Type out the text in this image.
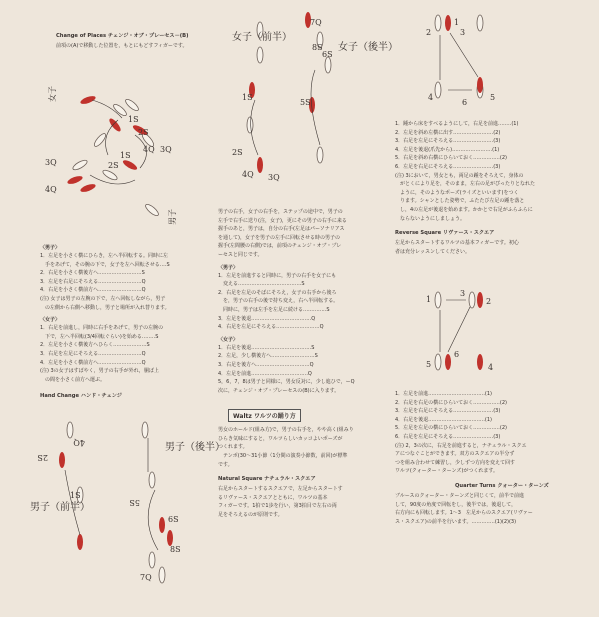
Change of Places チェンジ・オブ・プレーセス－(B)
前項の(A)で移動した位置を，もとにもどすフィガーです。
女子
男子
3Q
4Q
2S
1S
3Q
4Q
2S
1S
〈男子〉
1．左足を小さく横にひらき，左へ半回転する。同時に左
　手をあげて，その腕の下で，女子を左へ回転させる‥‥S
2．右足を小さく横後方へ‥‥‥‥‥‥‥‥‥‥‥‥‥S
3．左足を右足にそろえる‥‥‥‥‥‥‥‥‥‥‥‥‥Q
4．右足を小さく横前方へ‥‥‥‥‥‥‥‥‥‥‥‥‥Q
(注) 女子は男子の左腕の下で，左へ回転しながら，男子
　の左側から右側へ移動し，男子と場所が入れ替ります。
〈女子〉
1．右足を前進し，同時に右手をあげて，男子の左腕の
　下で，左へ半回転(3/4回転ぐらい)を始める‥‥‥‥S
2．左足を小さく横後方へひらく‥‥‥‥‥‥‥‥‥‥S
3．右足を左足にそろえる‥‥‥‥‥‥‥‥‥‥‥‥‥Q
4．左足を小さく横前方へ‥‥‥‥‥‥‥‥‥‥‥‥‥Q
(注) 3の女子はすばやく，男子の右手が外れ，胴ば上
　の間を小さく前方へ運ぶ。
Hand Change ハンド・チェンジ
4Q
2S
1S
5S
6S
8S
7Q
男子（前半）
男子（後半）
女子（前半）
女子（後半）
1S
2S
3Q
4Q
5S
6S
7Q
8S
男子の右手，女子の右手を，ステップの途中で，男子の
左手で右手に送り(注，女子)，更にその男子の右手に来る
握手のあと，男子は，自分の右手(左足はパーソナリアス
を通して)，女子を男子の左手に回転させる時の男子の
握手(左間腰の右側)では，前項のチェンジ・オブ・プレ
ーセスと同じです。
〈男子〉
1．左足を前進すると同時に，男子の右手を女子にも
　変える‥‥‥‥‥‥‥‥‥‥‥‥‥‥‥‥‥‥‥S
2．右足を左足のそばにそろえ，女子の右手から後ろ
　を，男子の右手の後で持ち変え，右へ半回転する。
　同時に，男子は左手を左足に続ける‥‥‥‥‥‥‥S
3．左足を後退‥‥‥‥‥‥‥‥‥‥‥‥‥‥‥‥‥‥Q
4．右足を左足にそろえる‥‥‥‥‥‥‥‥‥‥‥‥‥Q
〈女子〉
1．右足を後退‥‥‥‥‥‥‥‥‥‥‥‥‥‥‥‥‥‥S
2．左足，少し横後方へ‥‥‥‥‥‥‥‥‥‥‥‥‥S
3．右足を後方へ‥‥‥‥‥‥‥‥‥‥‥‥‥‥‥‥Q
4．左足を前進‥‥‥‥‥‥‥‥‥‥‥‥‥‥‥‥‥Q
5，6，7，8は男子と同様に，男女反対に，少し進ひで，ーQ
次に，チェンジ・オブ・プレーセスの(B)に入ります。
Waltz ワルツの踊り方
男女のホールド(組み方)で，男子の右手を，やや高く(組みり
ひらき気味にすると，ワルツらしいカッコよいポーズが
つくれます。
　テンポ(30～31小節（1分間の演奏小節数，前回)が標準
です。
Natural Square ナチュラル・スクエア
右足からスタートするスクエアで，左足からスタートす
るリヴァース・スクエアとともに，ワルツの基本
フィガーです。1拍で1歩を行い，第3拍目で左右の両
足をそろえるのが原則です。
2	3
1
4
6
5
1．踵から床をすべるようにして，右足を前進‥‥‥‥(1)
2．左足を斜め左横に出す‥‥‥‥‥‥‥‥‥‥‥‥(2)
3．右足を左足にそろえる‥‥‥‥‥‥‥‥‥‥‥‥(3)
4．左足を後退(爪先から)‥‥‥‥‥‥‥‥‥‥‥‥(1)
5．右足を斜め右横にひらいておく‥‥‥‥‥‥‥‥(2)
6．左足を右足にそろえる‥‥‥‥‥‥‥‥‥‥‥‥(3)
(注) 3において，男女とも，両足の踵をそろえて，身体の
　がとくにより足を，そのまま，左右の足がぴったりとなれた
　ように，そのようなポーズ(ライズといいます)をつく
　ります。シャンとした姿勢で，ふたたび左足の踵を落と
　し，4の左足が後退を始めます。かかとで右足がふらふらに
　ならないようにしましょう。
Reverse Square リヴァース・スクエア
左足からスタートするワルツの基本フィガーです。初心
者は充分レッスンしてください。
1	2
3
4
5
6
1．左足を前進‥‥‥‥‥‥‥‥‥‥‥‥‥‥‥‥‥(1)
2．右足を右足の横にひらいておく‥‥‥‥‥‥‥‥(2)
3．左足を右足にそろえる‥‥‥‥‥‥‥‥‥‥‥‥(3)
4．右足を後退‥‥‥‥‥‥‥‥‥‥‥‥‥‥‥‥‥(1)
5．左足を左足の横にひらいておく‥‥‥‥‥‥‥‥(2)
6．右足を左足にそろえる‥‥‥‥‥‥‥‥‥‥‥‥(3)
(注) 2，3の次に，右足を前進すると，ナチュラル・スクエ
アにつなぐことができます。双方のスクエアの半分ず
つを組み合わせて練習し，少しずつ方向を変えて回す
ワルツ(クォーター・ターンズ)がつくれます。
Quarter Turns クォーター・ターンズ
ブルースのクォーター・ターンズと同じくて，前半で前進
して，90度の角度で回転をし，後半では，後退して，
右方向にも回転します。1～3　左足からのスクエア(リヴァー
ス・スクエア)の前半を行います。‥‥‥‥‥‥‥(1)(2)(3)
